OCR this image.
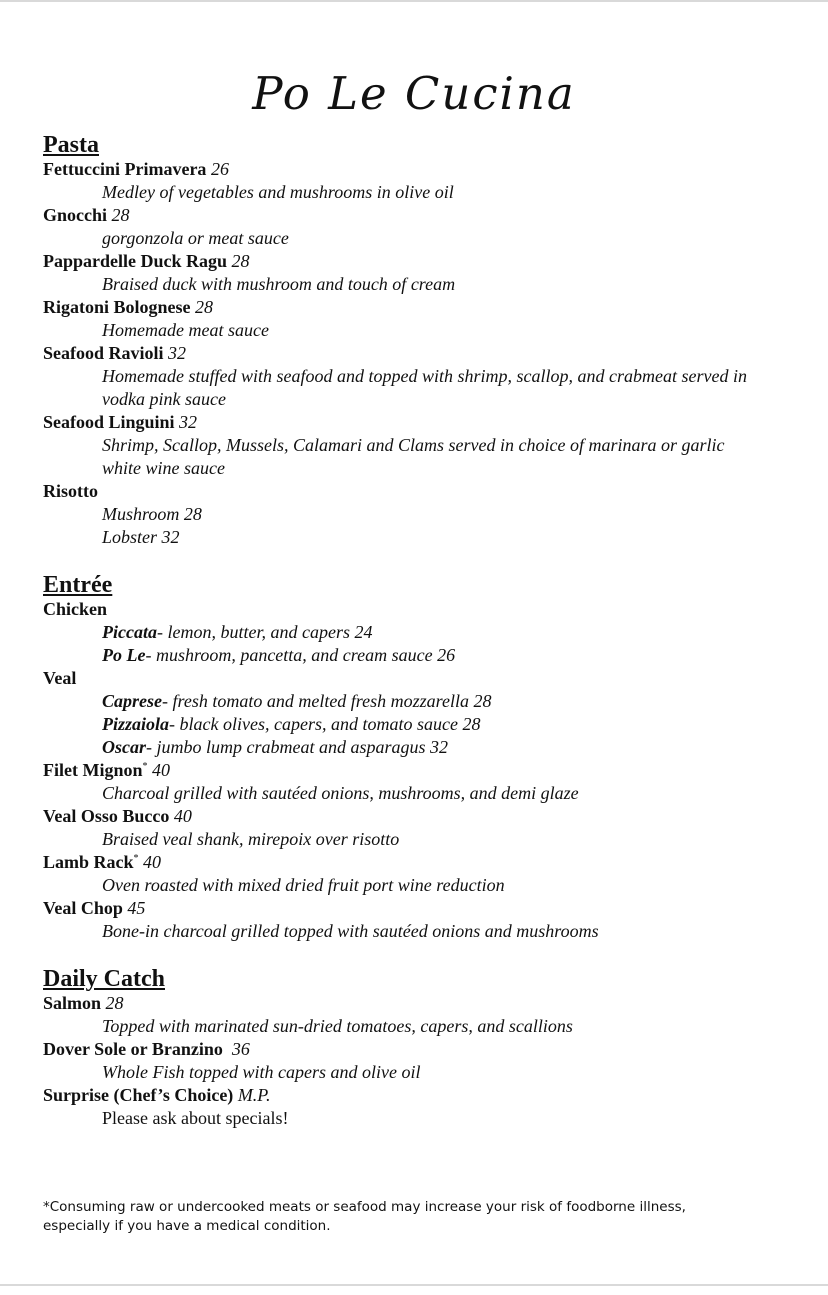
Po Le Cucina
Pasta
Fettuccini Primavera 26
Medley of vegetables and mushrooms in olive oil
Gnocchi 28
gorgonzola or meat sauce
Pappardelle Duck Ragu 28
Braised duck with mushroom and touch of cream
Rigatoni Bolognese 28
Homemade meat sauce
Seafood Ravioli 32
Homemade stuffed with seafood and topped with shrimp, scallop, and crabmeat served in
vodka pink sauce
Seafood Linguini 32
Shrimp, Scallop, Mussels, Calamari and Clams served in choice of marinara or garlic
white wine sauce
Risotto
Mushroom 28
Lobster 32
Entrée
Chicken
Piccata- lemon, butter, and capers 24
Po Le- mushroom, pancetta, and cream sauce 26
Veal
Caprese- fresh tomato and melted fresh mozzarella 28
Pizzaiola- black olives, capers, and tomato sauce 28
Oscar- jumbo lump crabmeat and asparagus 32
Filet Mignon* 40
Charcoal grilled with sautéed onions, mushrooms, and demi glaze
Veal Osso Bucco 40
Braised veal shank, mirepoix over risotto
Lamb Rack* 40
Oven roasted with mixed dried fruit port wine reduction
Veal Chop 45
Bone-in charcoal grilled topped with sautéed onions and mushrooms
Daily Catch
Salmon 28
Topped with marinated sun-dried tomatoes, capers, and scallions
Dover Sole or Branzino 36
Whole Fish topped with capers and olive oil
Surprise (Chef’s Choice) M.P.
Please ask about specials!
*Consuming raw or undercooked meats or seafood may increase your risk of foodborne illness,
especially if you have a medical condition.
